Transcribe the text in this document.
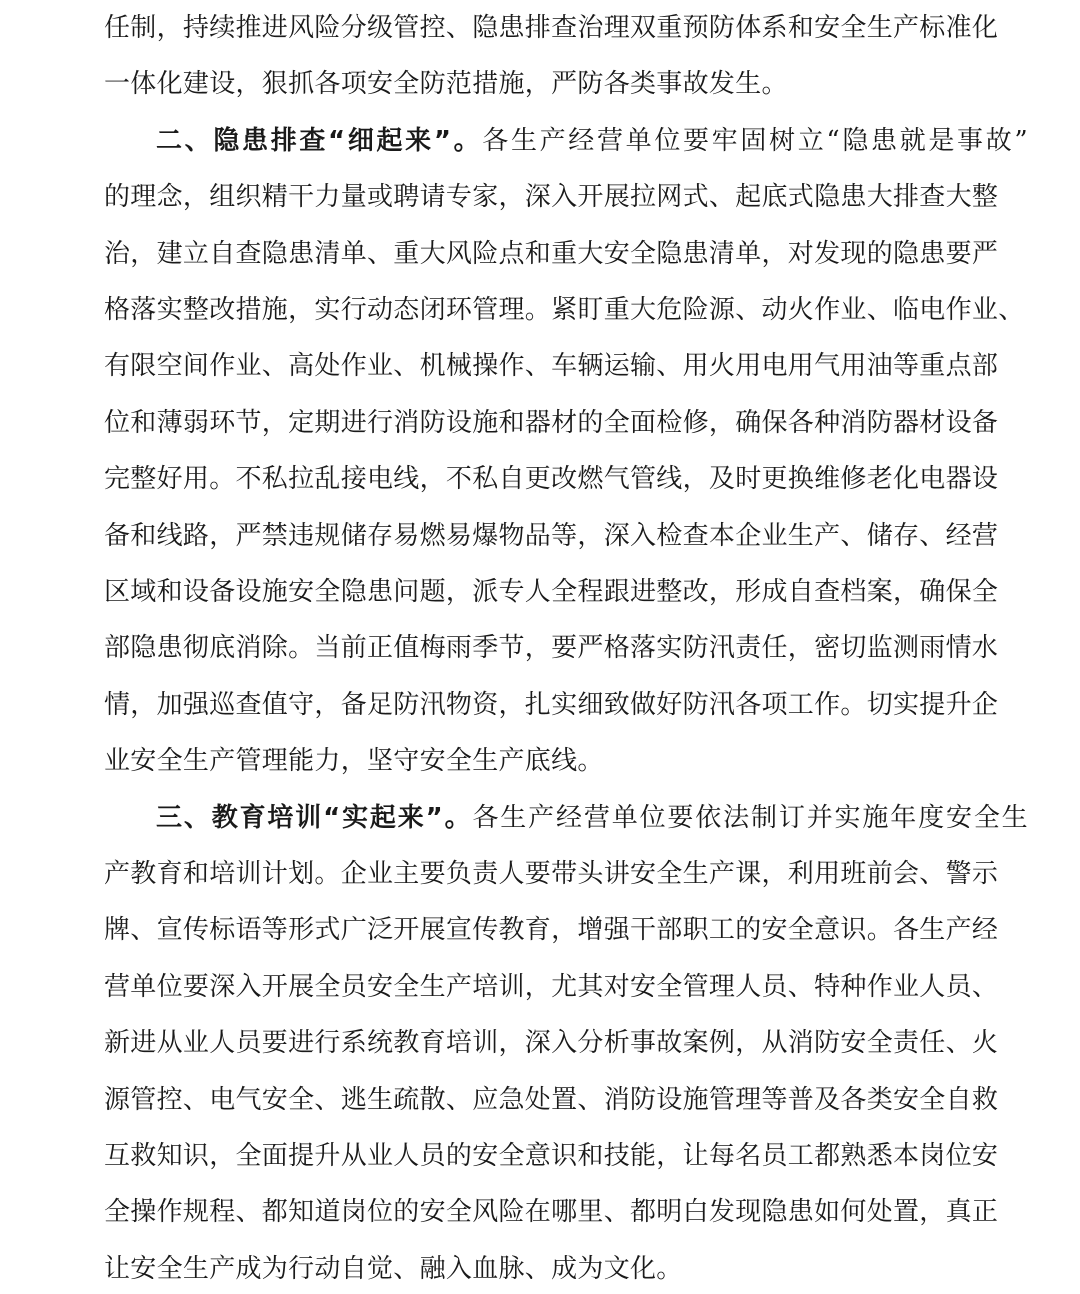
任制，持续推进风险分级管控、隐患排查治理双重预防体系和安全生产标准化
一体化建设，狠抓各项安全防范措施，严防各类事故发生。
二、隐患排查“细起来”。各生产经营单位要牢固树立“隐患就是事故”
的理念，组织精干力量或聘请专家，深入开展拉网式、起底式隐患大排查大整
治，建立自查隐患清单、重大风险点和重大安全隐患清单，对发现的隐患要严
格落实整改措施，实行动态闭环管理。紧盯重大危险源、动火作业、临电作业、
有限空间作业、高处作业、机械操作、车辆运输、用火用电用气用油等重点部
位和薄弱环节，定期进行消防设施和器材的全面检修，确保各种消防器材设备
完整好用。不私拉乱接电线，不私自更改燃气管线，及时更换维修老化电器设
备和线路，严禁违规储存易燃易爆物品等，深入检查本企业生产、储存、经营
区域和设备设施安全隐患问题，派专人全程跟进整改，形成自查档案，确保全
部隐患彻底消除。当前正值梅雨季节，要严格落实防汛责任，密切监测雨情水
情，加强巡查值守，备足防汛物资，扎实细致做好防汛各项工作。切实提升企
业安全生产管理能力，坚守安全生产底线。
三、教育培训“实起来”。各生产经营单位要依法制订并实施年度安全生
产教育和培训计划。企业主要负责人要带头讲安全生产课，利用班前会、警示
牌、宣传标语等形式广泛开展宣传教育，增强干部职工的安全意识。各生产经
营单位要深入开展全员安全生产培训，尤其对安全管理人员、特种作业人员、
新进从业人员要进行系统教育培训，深入分析事故案例，从消防安全责任、火
源管控、电气安全、逃生疏散、应急处置、消防设施管理等普及各类安全自救
互救知识，全面提升从业人员的安全意识和技能，让每名员工都熟悉本岗位安
全操作规程、都知道岗位的安全风险在哪里、都明白发现隐患如何处置，真正
让安全生产成为行动自觉、融入血脉、成为文化。
